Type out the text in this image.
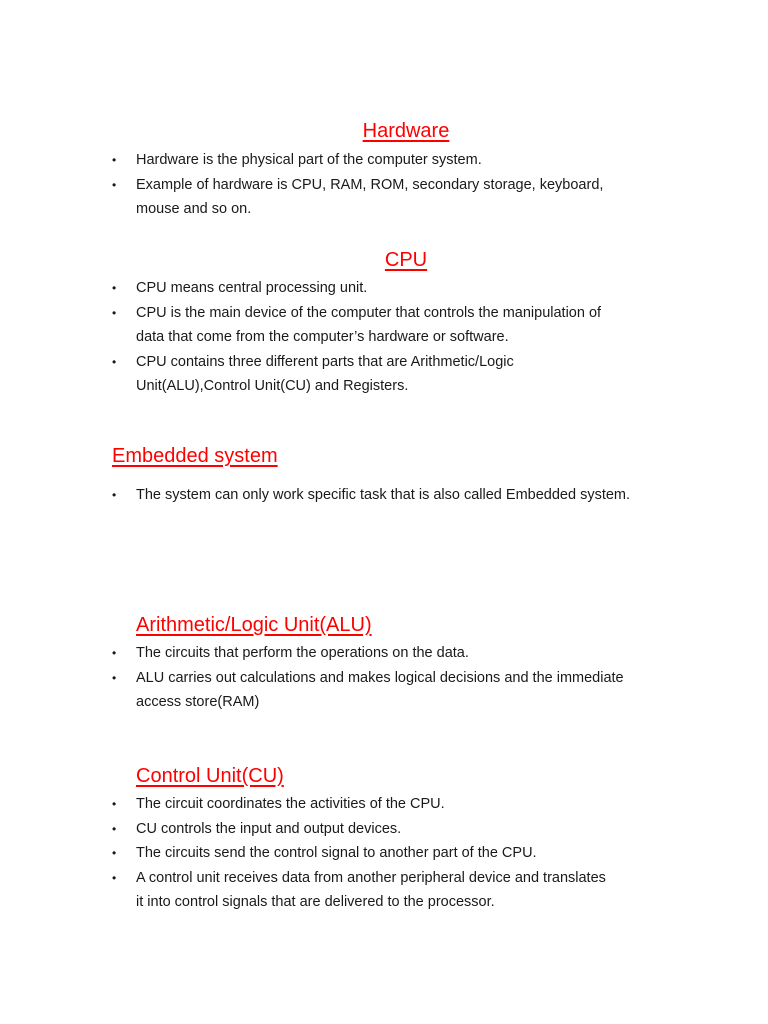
Hardware
•	Hardware is the physical part of the computer system.
•	Example of hardware is CPU, RAM, ROM, secondary storage, keyboard,
mouse and so on.
CPU
•	CPU means central processing unit.
•	CPU is the main device of the computer that controls the manipulation of
data that come from the computer’s hardware or software.
•	CPU contains three different parts that are Arithmetic/Logic
Unit(ALU),Control Unit(CU) and Registers.
Embedded system
•	The system can only work specific task that is also called Embedded system.
Arithmetic/Logic Unit(ALU)
•	The circuits that perform the operations on the data.
•	ALU carries out calculations and makes logical decisions and the immediate
access store(RAM)
Control Unit(CU)
•	The circuit coordinates the activities of the CPU.
•	CU controls the input and output devices.
•	The circuits send the control signal to another part of the CPU.
•	A control unit receives data from another peripheral device and translates
it into control signals that are delivered to the processor.
